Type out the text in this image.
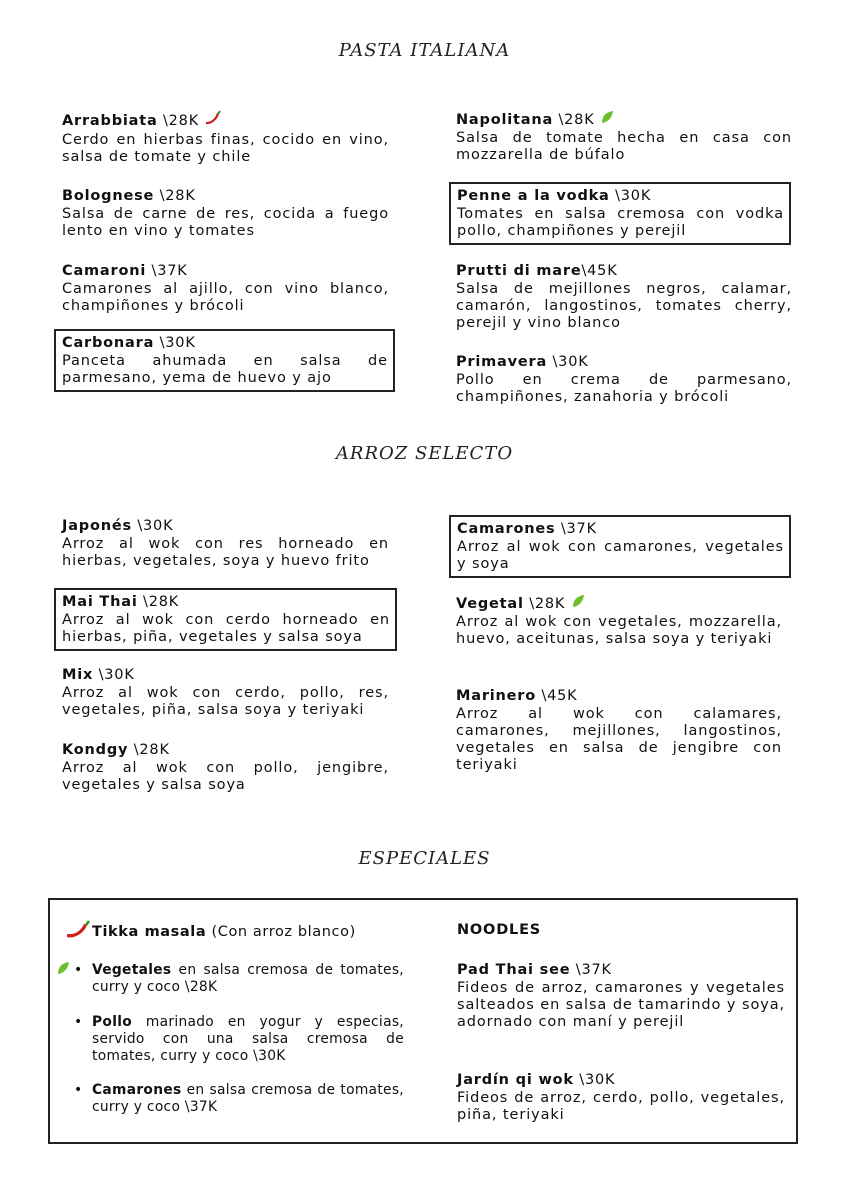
PASTA ITALIANA
ARROZ SELECTO
ESPECIALES
Arrabbiata \28K
Cerdo en hierbas finas, cocido en vino, salsa de tomate y chile
Bolognese \28K
Salsa de carne de res, cocida a fuego lento en vino y tomates
Camaroni \37K
Camarones al ajillo, con vino blanco, champiñones y brócoli
Carbonara \30K
Panceta ahumada en salsa de parmesano, yema de huevo y ajo
Napolitana \28K
Salsa de tomate hecha en casa con mozzarella de búfalo
Penne a la vodka \30K
Tomates en salsa cremosa con vodka pollo, champiñones y perejil
Prutti di mare\45K
Salsa de mejillones negros, calamar, camarón, langostinos, tomates cherry, perejil y vino blanco
Primavera \30K
Pollo en crema de parmesano, champiñones, zanahoria y brócoli
Japonés \30K
Arroz al wok con res horneado en hierbas, vegetales, soya y huevo frito
Mai Thai \28K
Arroz al wok con cerdo horneado en hierbas, piña, vegetales y salsa soya
Mix \30K
Arroz al wok con cerdo, pollo, res, vegetales, piña, salsa soya y teriyaki
Kondgy \28K
Arroz al wok con pollo, jengibre, vegetales y salsa soya
Camarones \37K
Arroz al wok con camarones, vegetales y soya
Vegetal \28K
Arroz al wok con vegetales, mozzarella, huevo, aceitunas, salsa soya y teriyaki
Marinero \45K
Arroz al wok con calamares, camarones, mejillones, langostinos, vegetales en salsa de jengibre con teriyaki
Tikka masala (Con arroz blanco)
• Vegetales en salsa cremosa de tomates, curry y coco \28K
• Pollo marinado en yogur y especias, servido con una salsa cremosa de tomates, curry y coco \30K
• Camarones en salsa cremosa de tomates, curry y coco \37K
NOODLES
Pad Thai see \37K
Fideos de arroz, camarones y vegetales salteados en salsa de tamarindo y soya, adornado con maní y perejil
Jardín qi wok \30K
Fideos de arroz, cerdo, pollo, vegetales, piña, teriyaki
